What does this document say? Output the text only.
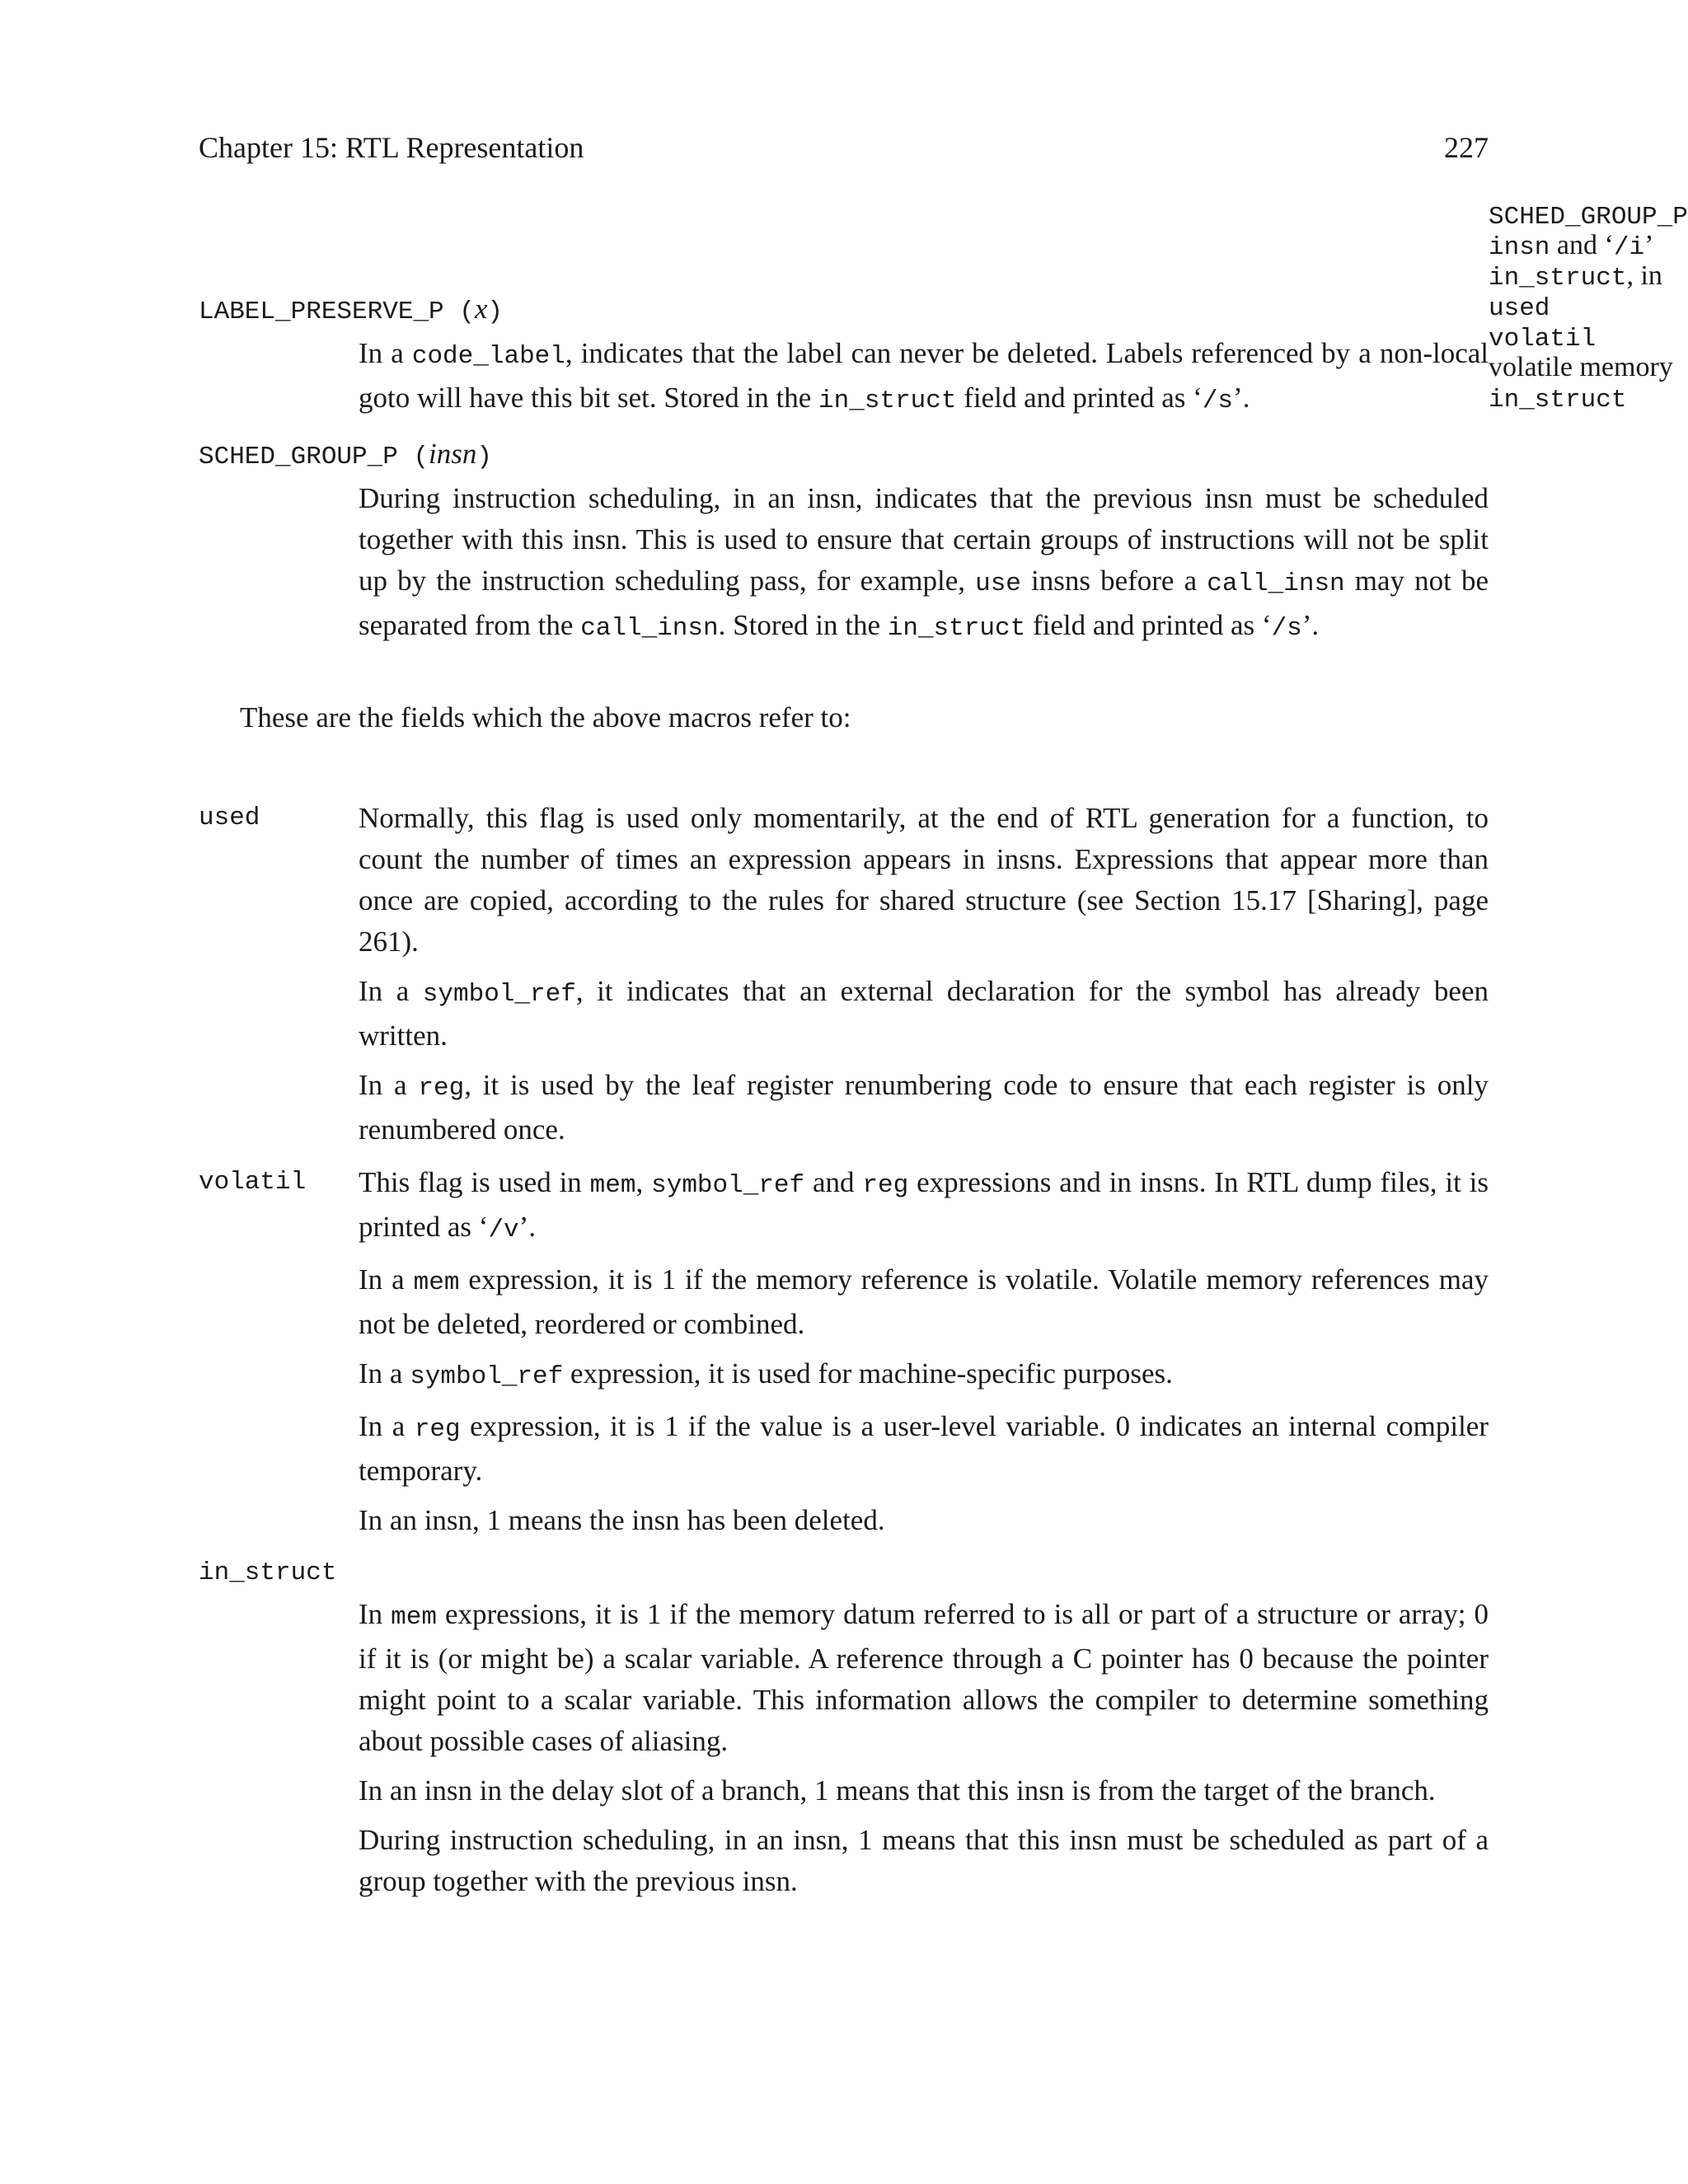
Chapter 15: RTL Representation	227
SCHED_GROUP_P
insn and ‘/i’
in_struct, in
used
volatil
volatile memory
in_struct
LABEL_PRESERVE_P (x)

In a code_label, indicates that the label can never be deleted. Labels referenced by a non-local goto will have this bit set. Stored in the in_struct field and printed as ‘/s’.

SCHED_GROUP_P (insn)

During instruction scheduling, in an insn, indicates that the previous insn must be scheduled together with this insn. This is used to ensure that certain groups of instructions will not be split up by the instruction scheduling pass, for example, use insns before a call_insn may not be separated from the call_insn. Stored in the in_struct field and printed as ‘/s’.

These are the fields which the above macros refer to:

used	Normally, this flag is used only momentarily, at the end of RTL generation for a function, to count the number of times an expression appears in insns. Expressions that appear more than once are copied, according to the rules for shared structure (see Section 15.17 [Sharing], page 261).

In a symbol_ref, it indicates that an external declaration for the symbol has already been written.

In a reg, it is used by the leaf register renumbering code to ensure that each register is only renumbered once.

volatil This flag is used in mem, symbol_ref and reg expressions and in insns. In RTL dump files, it is printed as ‘/v’.

In a mem expression, it is 1 if the memory reference is volatile. Volatile memory references may not be deleted, reordered or combined.

In a symbol_ref expression, it is used for machine-specific purposes.

In a reg expression, it is 1 if the value is a user-level variable. 0 indicates an internal compiler temporary.

In an insn, 1 means the insn has been deleted.

in_struct

In mem expressions, it is 1 if the memory datum referred to is all or part of a structure or array; 0 if it is (or might be) a scalar variable. A reference through a C pointer has 0 because the pointer might point to a scalar variable. This information allows the compiler to determine something about possible cases of aliasing.

In an insn in the delay slot of a branch, 1 means that this insn is from the target of the branch.

During instruction scheduling, in an insn, 1 means that this insn must be scheduled as part of a group together with the previous insn.
